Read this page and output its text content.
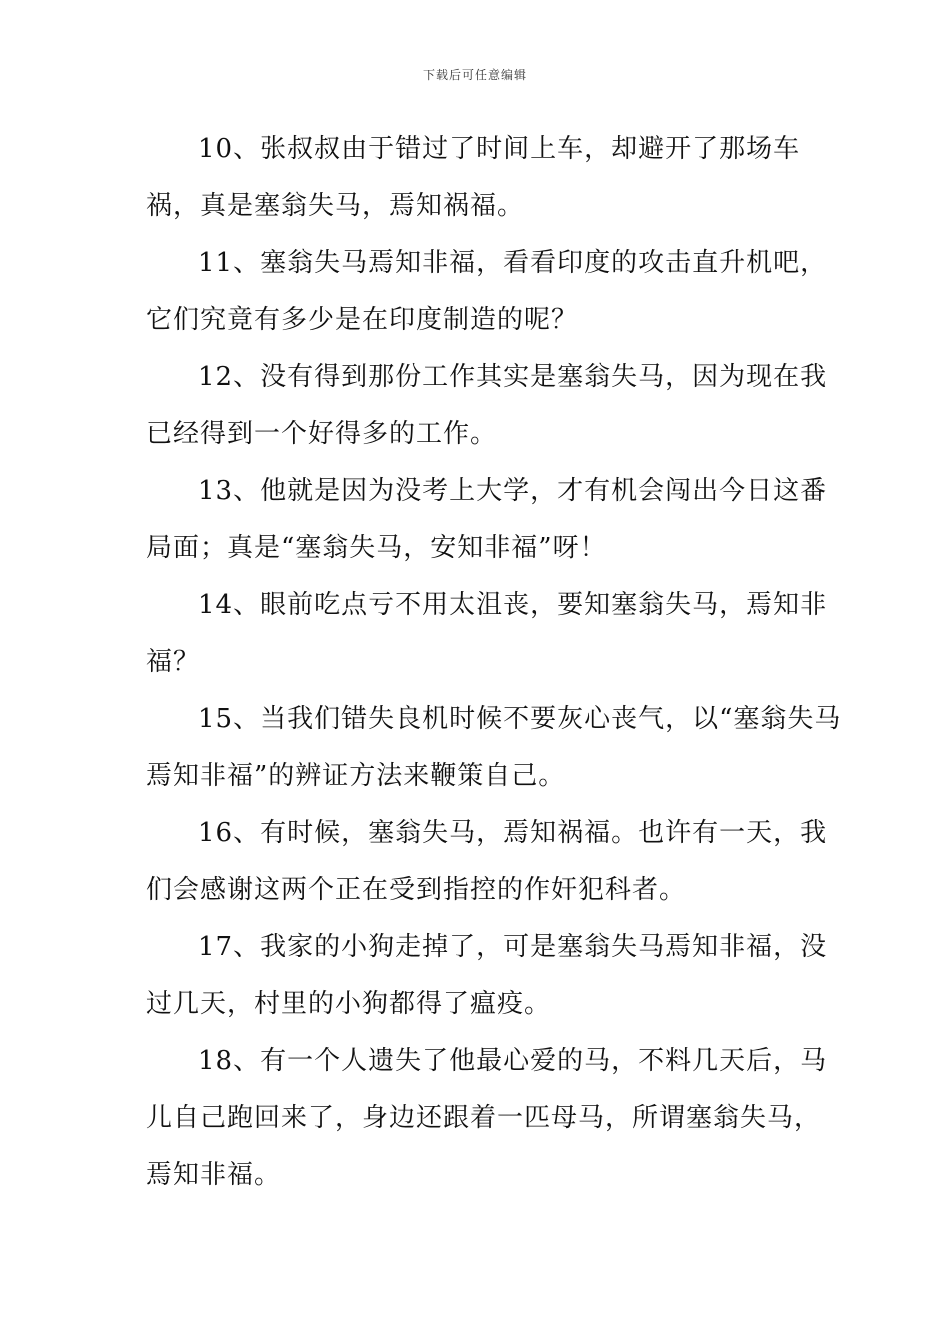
下载后可任意编辑

10、张叔叔由于错过了时间上车，却避开了那场车祸，真是塞翁失马，焉知祸福。

11、塞翁失马焉知非福，看看印度的攻击直升机吧，它们究竟有多少是在印度制造的呢？

12、没有得到那份工作其实是塞翁失马，因为现在我已经得到一个好得多的工作。

13、他就是因为没考上大学，才有机会闯出今日这番局面；真是“塞翁失马，安知非福”呀！

14、眼前吃点亏不用太沮丧，要知塞翁失马，焉知非福？

15、当我们错失良机时候不要灰心丧气，以“塞翁失马焉知非福”的辨证方法来鞭策自己。

16、有时候，塞翁失马，焉知祸福。也许有一天，我们会感谢这两个正在受到指控的作奸犯科者。

17、我家的小狗走掉了，可是塞翁失马焉知非福，没过几天，村里的小狗都得了瘟疫。

18、有一个人遗失了他最心爱的马，不料几天后，马儿自己跑回来了，身边还跟着一匹母马，所谓塞翁失马，焉知非福。
